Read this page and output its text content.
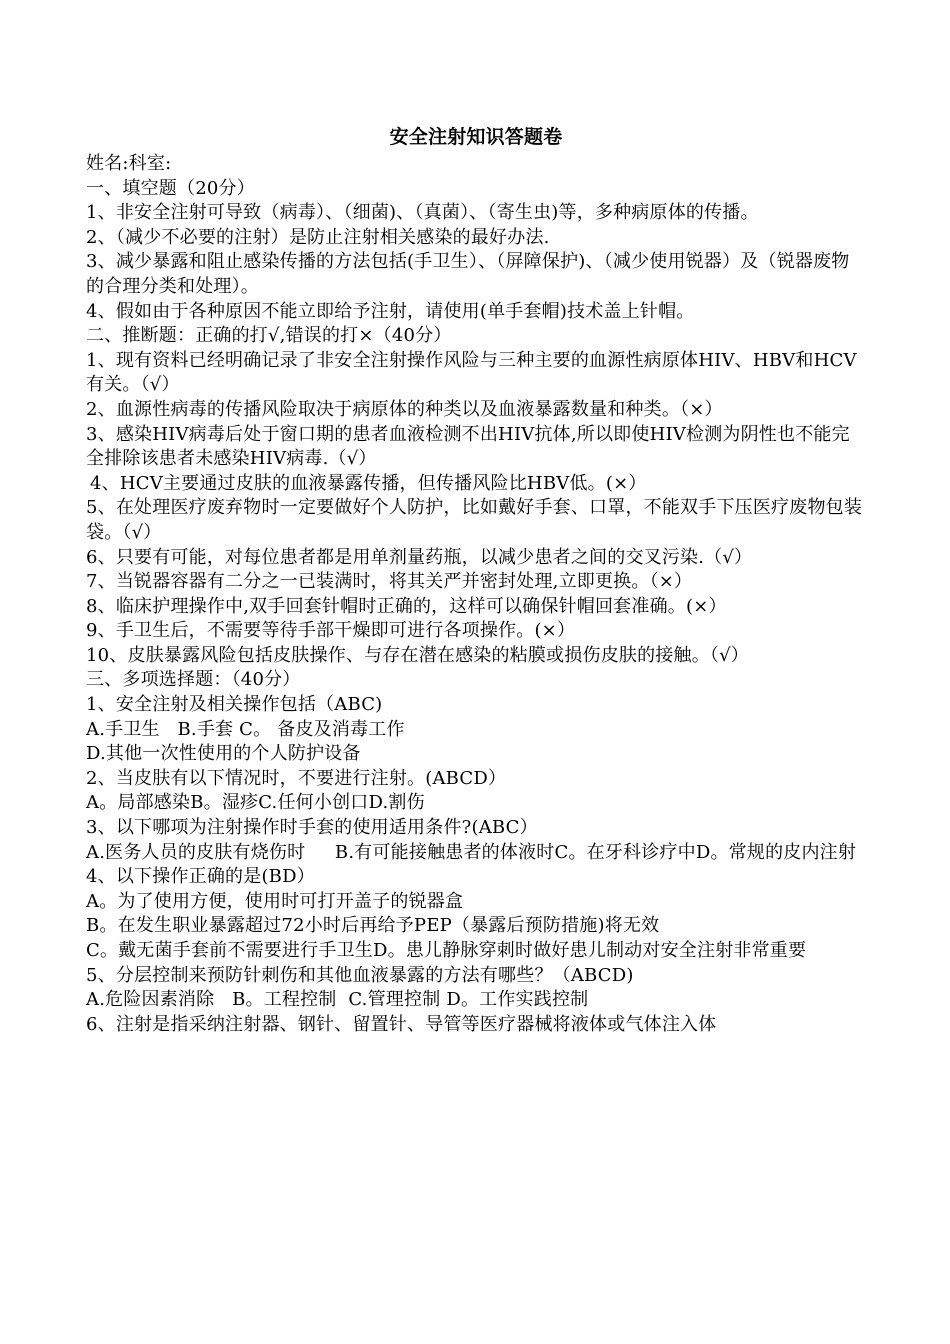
安全注射知识答题卷
姓名:科室:
一、填空题（20分）
1、非安全注射可导致（病毒）、（细菌)、（真菌）、（寄生虫)等，多种病原体的传播。
2、（减少不必要的注射）是防止注射相关感染的最好办法.
3、减少暴露和阻止感染传播的方法包括(手卫生）、（屏障保护)、（减少使用锐器）及（锐器废物的合理分类和处理）。
4、假如由于各种原因不能立即给予注射，请使用(单手套帽)技术盖上针帽。
二、推断题：正确的打√,错误的打×（40分）
1、现有资料已经明确记录了非安全注射操作风险与三种主要的血源性病原体HIV、HBV和HCV有关。（√）
2、血源性病毒的传播风险取决于病原体的种类以及血液暴露数量和种类。（×）
3、感染HIV病毒后处于窗口期的患者血液检测不出HIV抗体,所以即使HIV检测为阴性也不能完全排除该患者未感染HIV病毒.（√）
4、HCV主要通过皮肤的血液暴露传播，但传播风险比HBV低。(×）
5、在处理医疗废弃物时一定要做好个人防护，比如戴好手套、口罩，不能双手下压医疗废物包装袋。（√）
6、只要有可能，对每位患者都是用单剂量药瓶，以减少患者之间的交叉污染.（√）
7、当锐器容器有二分之一已装满时，将其关严并密封处理,立即更换。（×）
8、临床护理操作中,双手回套针帽时正确的，这样可以确保针帽回套准确。(×）
9、手卫生后，不需要等待手部干燥即可进行各项操作。(×）
10、皮肤暴露风险包括皮肤操作、与存在潜在感染的粘膜或损伤皮肤的接触。（√）
三、多项选择题：（40分）
1、安全注射及相关操作包括（ABC)
A.手卫生   B.手套 C。 备皮及消毒工作
D.其他一次性使用的个人防护设备
2、当皮肤有以下情况时，不要进行注射。(ABCD）
A。局部感染B。湿疹C.任何小创口D.割伤
3、以下哪项为注射操作时手套的使用适用条件?(ABC）
A.医务人员的皮肤有烧伤时     B.有可能接触患者的体液时C。在牙科诊疗中D。常规的皮内注射
4、以下操作正确的是(BD）
A。为了使用方便，使用时可打开盖子的锐器盒
B。在发生职业暴露超过72小时后再给予PEP（暴露后预防措施)将无效
C。戴无菌手套前不需要进行手卫生D。患儿静脉穿刺时做好患儿制动对安全注射非常重要
5、分层控制来预防针刺伤和其他血液暴露的方法有哪些？（ABCD)
A.危险因素消除   B。工程控制  C.管理控制 D。工作实践控制
6、注射是指采纳注射器、钢针、留置针、导管等医疗器械将液体或气体注入体
